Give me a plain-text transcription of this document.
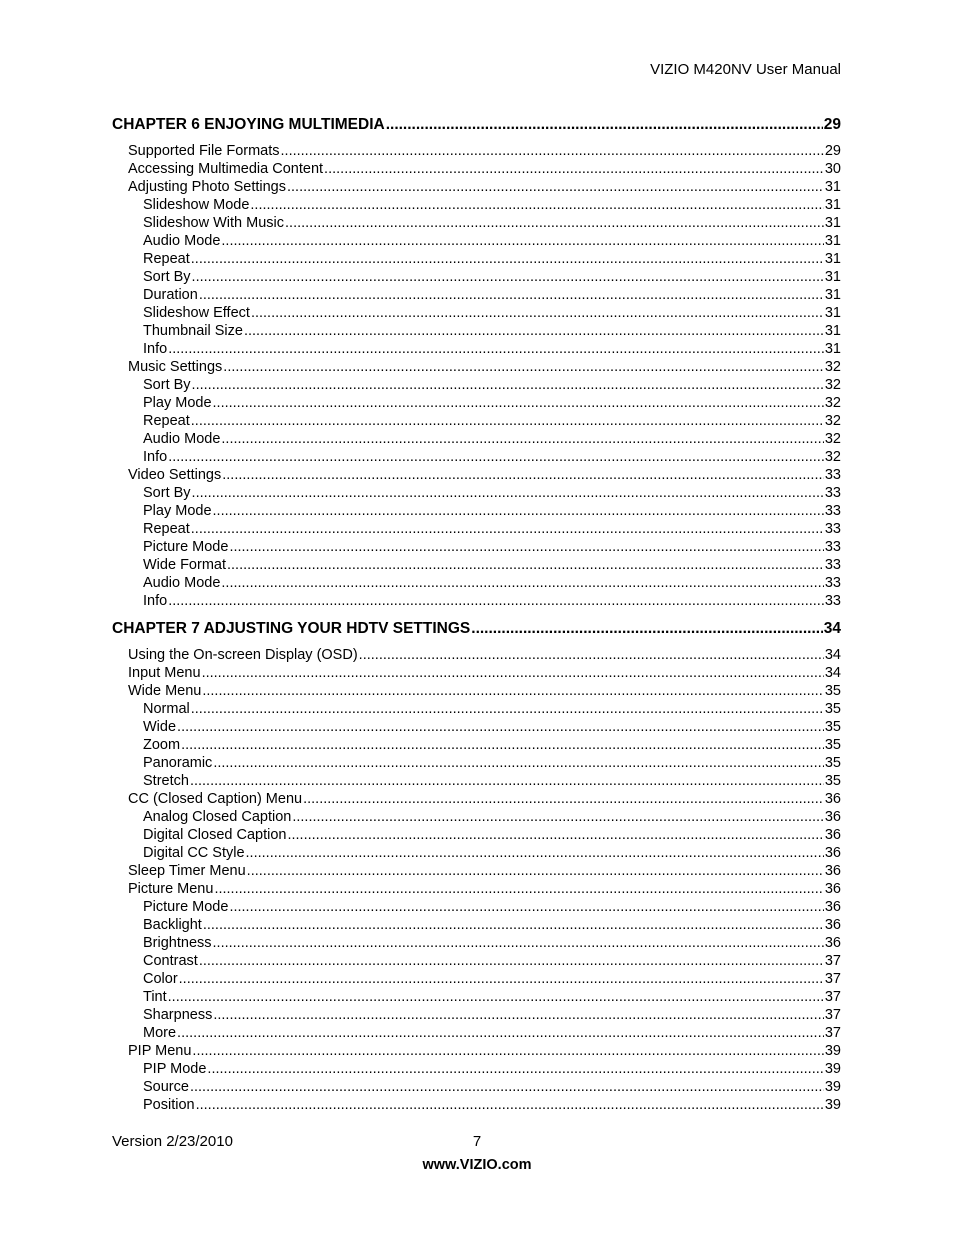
VIZIO M420NV User Manual
CHAPTER 6 ENJOYING MULTIMEDIA .....	29
Supported File Formats .....	29
Accessing Multimedia Content .....	30
Adjusting Photo Settings .....	31
Slideshow Mode .....	31
Slideshow With Music .....	31
Audio Mode .....	31
Repeat .....	31
Sort By .....	31
Duration .....	31
Slideshow Effect .....	31
Thumbnail Size .....	31
Info .....	31
Music Settings .....	32
Sort By .....	32
Play Mode .....	32
Repeat .....	32
Audio Mode .....	32
Info .....	32
Video Settings .....	33
Sort By .....	33
Play Mode .....	33
Repeat .....	33
Picture Mode .....	33
Wide Format .....	33
Audio Mode .....	33
Info .....	33
CHAPTER 7 ADJUSTING YOUR HDTV SETTINGS .....	34
Using the On-screen Display (OSD) .....	34
Input Menu .....	34
Wide Menu .....	35
Normal .....	35
Wide .....	35
Zoom .....	35
Panoramic .....	35
Stretch .....	35
CC (Closed Caption) Menu .....	36
Analog Closed Caption .....	36
Digital Closed Caption .....	36
Digital CC Style .....	36
Sleep Timer Menu .....	36
Picture Menu .....	36
Picture Mode .....	36
Backlight .....	36
Brightness .....	36
Contrast .....	37
Color .....	37
Tint .....	37
Sharpness .....	37
More .....	37
PIP Menu .....	39
PIP Mode .....	39
Source .....	39
Position .....	39
Version 2/23/2010	7
www.VIZIO.com
